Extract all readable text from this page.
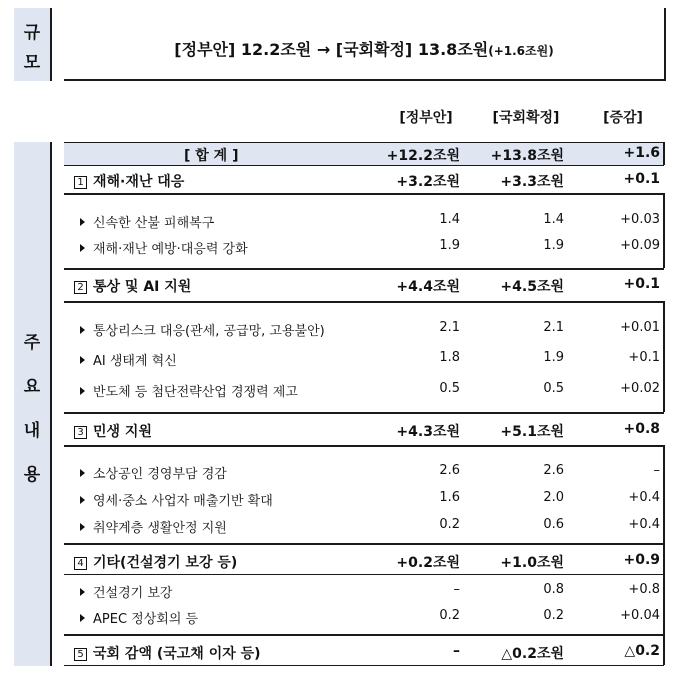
규
모
[정부안] 12.2조원 → [국회확정] 13.8조원(+1.6조원)
[정부안]	[국회확정]	[증감]
주
요
내
용
[ 합 계 ]	+12.2조원 +13.8조원	+1.6
1 재해·재난 대응	+3.2조원	+3.3조원	+0.1
신속한 산불 피해복구	1.4	1.4	+0.03
재해·재난 예방·대응력 강화	1.9	1.9	+0.09
2 통상 및 AI 지원	+4.4조원	+4.5조원	+0.1
통상리스크 대응(관세, 공급망, 고용불안)	2.1	2.1	+0.01
AI 생태계 혁신	1.8	1.9	+0.1
반도체 등 첨단전략산업 경쟁력 제고	0.5	0.5	+0.02
3 민생 지원	+4.3조원	+5.1조원	+0.8
소상공인 경영부담 경감	2.6	2.6	–
영세·중소 사업자 매출기반 확대	1.6	2.0	+0.4
취약계층 생활안정 지원	0.2	0.6	+0.4
4 기타(건설경기 보강 등)	+0.2조원	+1.0조원	+0.9
건설경기 보강	–	0.8	+0.8
APEC 정상회의 등	0.2	0.2	+0.04
5 국회 감액 (국고채 이자 등)	–	△0.2조원	△0.2
